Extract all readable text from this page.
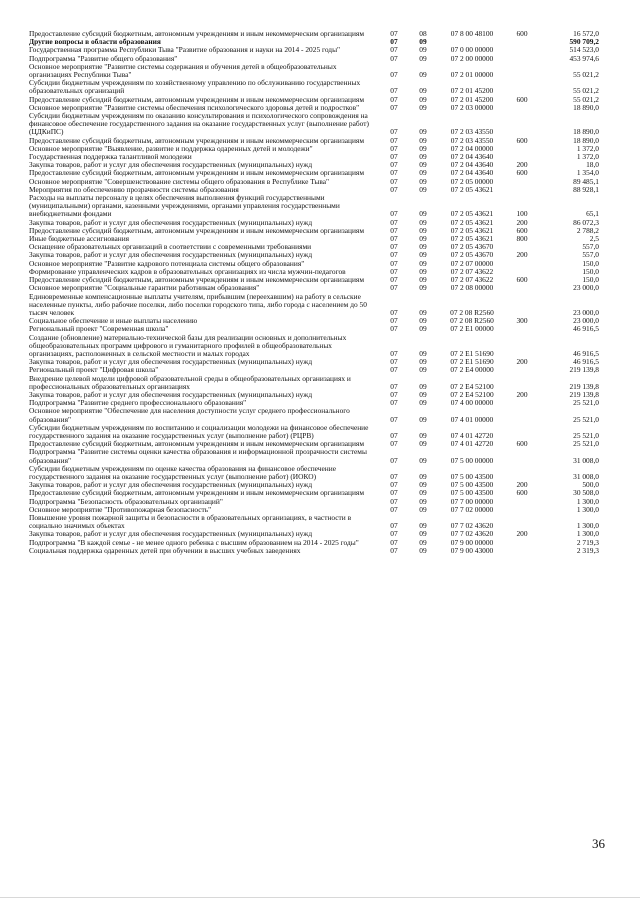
Предоставление субсидий бюджетным, автономным учреждениям и иным некоммерческим организациям	07	08	07 8 00 48100	600	16 572,0
Другие вопросы в области образования	07	09			590 709,2
Государственная программа Республики Тыва "Развитие образования и науки на 2014 - 2025 годы"	07	09	07 0 00 00000		514 523,0
Подпрограмма "Развитие общего образования"	07	09	07 2 00 00000		453 974,6
Основное мероприятие "Развитие системы содержания и обучения детей в общеобразовательных организациях Республики Тыва"	07	09	07 2 01 00000		55 021,2
Субсидии бюджетным учреждениям по хозяйственному управлению по обслуживанию государственных образовательных организаций	07	09	07 2 01 45200		55 021,2
Предоставление субсидий бюджетным, автономным учреждениям и иным некоммерческим организациям	07	09	07 2 01 45200	600	55 021,2
Основное мероприятие "Развитие системы обеспечения психологического здоровья детей и подростков"	07	09	07 2 03 00000		18 890,0
Субсидии бюджетным учреждениям по оказанию консультирования и психологического сопровождения на финансовое обеспечение государственного задания на оказание государственных услуг (выполнение работ) (ЦДКиПС)	07	09	07 2 03 43550		18 890,0
Предоставление субсидий бюджетным, автономным учреждениям и иным некоммерческим организациям	07	09	07 2 03 43550	600	18 890,0
Основное мероприятие "Выявление, развитие и поддержка одаренных детей и молодежи"	07	09	07 2 04 00000		1 372,0
Государственная поддержка талантливой молодежи	07	09	07 2 04 43640		1 372,0
Закупка товаров, работ и услуг для обеспечения государственных (муниципальных) нужд	07	09	07 2 04 43640	200	18,0
Предоставление субсидий бюджетным, автономным учреждениям и иным некоммерческим организациям	07	09	07 2 04 43640	600	1 354,0
Основное мероприятие "Совершенствование системы общего образования в Республике Тыва"	07	09	07 2 05 00000		89 485,1
Мероприятия по обеспечению прозрачности системы образования	07	09	07 2 05 43621		88 928,1
Расходы на выплаты персоналу в целях обеспечения выполнения функций государственными (муниципальными) органами, казенными учреждениями, органами управления государственными внебюджетными фондами	07	09	07 2 05 43621	100	65,1
Закупка товаров, работ и услуг для обеспечения государственных (муниципальных) нужд	07	09	07 2 05 43621	200	86 072,3
Предоставление субсидий бюджетным, автономным учреждениям и иным некоммерческим организациям	07	09	07 2 05 43621	600	2 788,2
Иные бюджетные ассигнования	07	09	07 2 05 43621	800	2,5
Оснащение образовательных организаций в соответствии с современными требованиями	07	09	07 2 05 43670		557,0
Закупка товаров, работ и услуг для обеспечения государственных (муниципальных) нужд	07	09	07 2 05 43670	200	557,0
Основное мероприятие "Развитие кадрового потенциала системы общего образования"	07	09	07 2 07 00000		150,0
Формирование управленческих кадров в образовательных организациях из числа мужчин-педагогов	07	09	07 2 07 43622		150,0
Предоставление субсидий бюджетным, автономным учреждениям и иным некоммерческим организациям	07	09	07 2 07 43622	600	150,0
Основное мероприятие "Социальные гарантии работникам образования"	07	09	07 2 08 00000		23 000,0
Единовременные компенсационные выплаты учителям, прибывшим (переехавшим) на работу в сельские населенные пункты, либо рабочие поселки, либо поселки городского типа, либо города с населением до 50 тысяч человек	07	09	07 2 08 R2560		23 000,0
Социальное обеспечение и иные выплаты населению	07	09	07 2 08 R2560	300	23 000,0
Региональный проект "Современная школа"	07	09	07 2 E1 00000		46 916,5
Создание (обновление) материально-технической базы для реализации основных и дополнительных общеобразовательных программ цифрового и гуманитарного профилей в общеобразовательных организациях, расположенных в сельской местности и малых городах	07	09	07 2 E1 51690		46 916,5
Закупка товаров, работ и услуг для обеспечения государственных (муниципальных) нужд	07	09	07 2 E1 51690	200	46 916,5
Региональный проект "Цифровая школа"	07	09	07 2 E4 00000		219 139,8
Внедрение целевой модели цифровой образовательной среды в общеобразовательных организациях и профессиональных образовательных организациях	07	09	07 2 E4 52100		219 139,8
Закупка товаров, работ и услуг для обеспечения государственных (муниципальных) нужд	07	09	07 2 E4 52100	200	219 139,8
Подпрограмма "Развитие среднего профессионального образования"	07	09	07 4 00 00000		25 521,0
Основное мероприятие "Обеспечение для населения доступности услуг среднего профессионального образования"	07	09	07 4 01 00000		25 521,0
Субсидии бюджетным учреждениям по воспитанию и социализации молодежи на финансовое обеспечение государственного задания на оказание государственных услуг (выполнение работ) (РЦРВ)	07	09	07 4 01 42720		25 521,0
Предоставление субсидий бюджетным, автономным учреждениям и иным некоммерческим организациям	07	09	07 4 01 42720	600	25 521,0
Подпрограмма "Развитие системы оценки качества образования и информационной прозрачности системы образования"	07	09	07 5 00 00000		31 008,0
Субсидии бюджетным учреждениям по оценке качества образования на финансовое обеспечение государственного задания на оказание государственных услуг (выполнение работ) (ИОКО)	07	09	07 5 00 43500		31 008,0
Закупка товаров, работ и услуг для обеспечения государственных (муниципальных) нужд	07	09	07 5 00 43500	200	500,0
Предоставление субсидий бюджетным, автономным учреждениям и иным некоммерческим организациям	07	09	07 5 00 43500	600	30 508,0
Подпрограмма "Безопасность образовательных организаций"	07	09	07 7 00 00000		1 300,0
Основное мероприятие "Противопожарная безопасность"	07	09	07 7 02 00000		1 300,0
Повышение уровня пожарной защиты и безопасности в образовательных организациях, в частности в социально значимых объектах	07	09	07 7 02 43620		1 300,0
Закупка товаров, работ и услуг для обеспечения государственных (муниципальных) нужд	07	09	07 7 02 43620	200	1 300,0
Подпрограмма "В каждой семье - не менее одного ребенка с высшим образованием на 2014 - 2025 годы"	07	09	07 9 00 00000		2 719,3
Социальная поддержка одаренных детей при обучении в высших учебных заведениях	07	09	07 9 00 43000		2 319,3
36
